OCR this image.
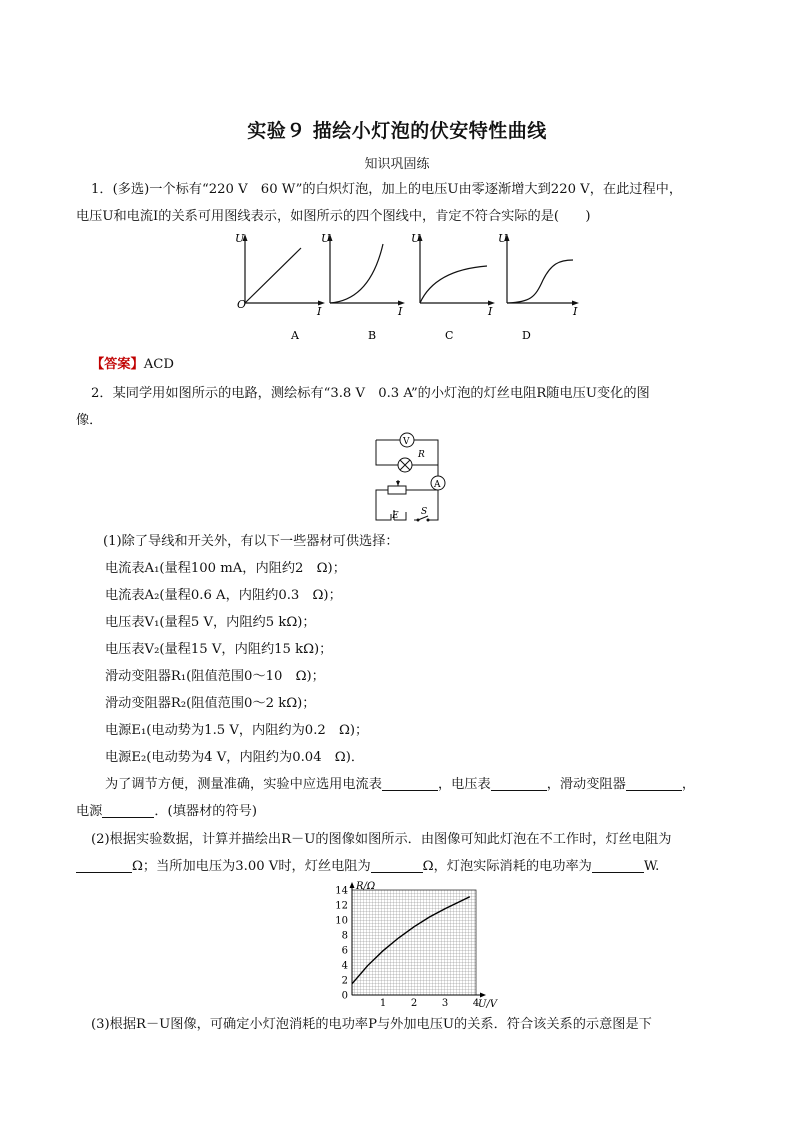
实验９ 描绘小灯泡的伏安特性曲线
知识巩固练
1．(多选)一个标有“220 V　60 W”的白炽灯泡，加上的电压U由零逐渐增大到220 V，在此过程中，
电压U和电流I的关系可用图线表示，如图所示的四个图线中，肯定不符合实际的是(　　)
U
O
I
A
U
I
B
U
I
C
U
I
D
【答案】ACD
2．某同学用如图所示的电路，测绘标有“3.8 V　0.3 A”的小灯泡的灯丝电阻R随电压U变化的图
像．
V
R
A
E S
(1)除了导线和开关外，有以下一些器材可供选择：
电流表A₁(量程100 mA，内阻约2　Ω)；
电流表A₂(量程0.6 A，内阻约0.3　Ω)；
电压表V₁(量程5 V，内阻约5 kΩ)；
电压表V₂(量程15 V，内阻约15 kΩ)；
滑动变阻器R₁(阻值范围0～10　Ω)；
滑动变阻器R₂(阻值范围0～2 kΩ)；
电源E₁(电动势为1.5 V，内阻约为0.2　Ω)；
电源E₂(电动势为4 V，内阻约为0.04　Ω)．
为了调节方便，测量准确，实验中应选用电流表	，电压表	，滑动变阻器	，
电源	．(填器材的符号)
(2)根据实验数据，计算并描绘出R－U的图像如图所示．由图像可知此灯泡在不工作时，灯丝电阻为
Ω；当所加电压为3.00 V时，灯丝电阻为	Ω，灯泡实际消耗的电功率为	W.
0
2
4
6
8
10
12
14
1 2 3 4
R/Ω
U/V
(3)根据R－U图像，可确定小灯泡消耗的电功率P与外加电压U的关系．符合该关系的示意图是下
